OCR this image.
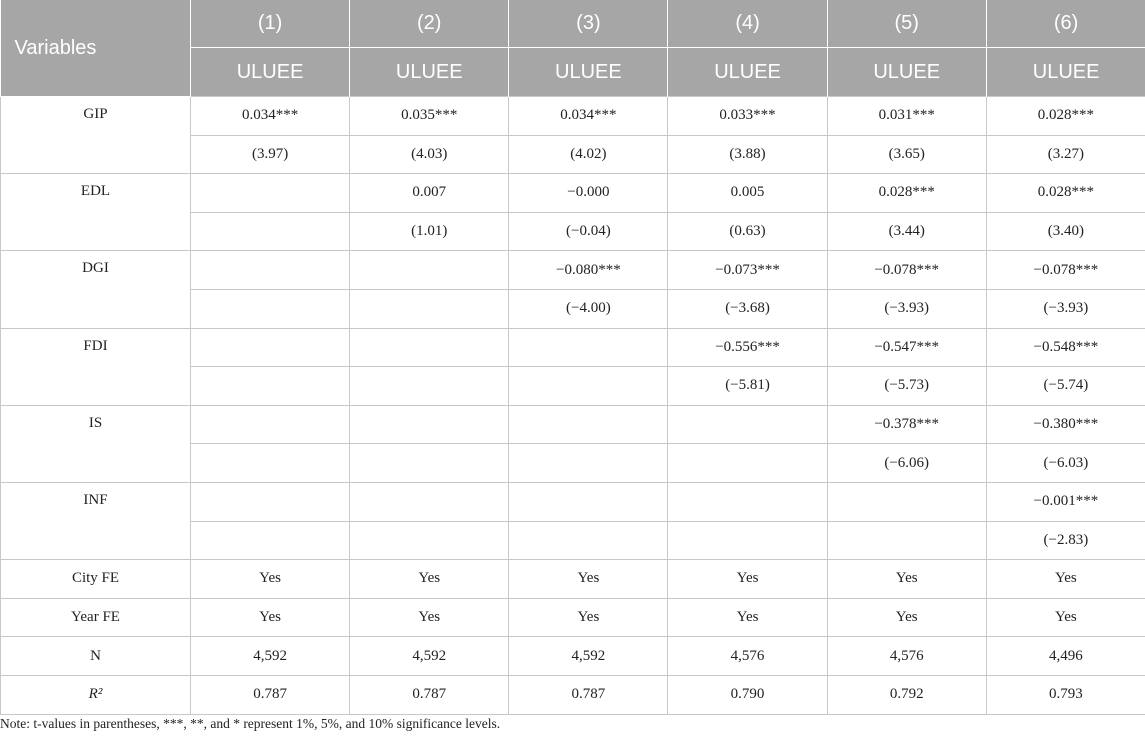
Variables	(1)	(2)	(3)	(4)	(5)	(6)
	ULUEE	ULUEE	ULUEE	ULUEE	ULUEE	ULUEE
GIP	0.034***	0.035***	0.034***	0.033***	0.031***	0.028***
	(3.97)	(4.03)	(4.02)	(3.88)	(3.65)	(3.27)
EDL		0.007	−0.000	0.005	0.028***	0.028***
		(1.01)	(−0.04)	(0.63)	(3.44)	(3.40)
DGI			−0.080***	−0.073***	−0.078***	−0.078***
			(−4.00)	(−3.68)	(−3.93)	(−3.93)
FDI				−0.556***	−0.547***	−0.548***
				(−5.81)	(−5.73)	(−5.74)
IS					−0.378***	−0.380***
					(−6.06)	(−6.03)
INF						−0.001***
						(−2.83)
City FE	Yes	Yes	Yes	Yes	Yes	Yes
Year FE	Yes	Yes	Yes	Yes	Yes	Yes
N	4,592	4,592	4,592	4,576	4,576	4,496
R²	0.787	0.787	0.787	0.790	0.792	0.793
Note: t-values in parentheses, ***, **, and * represent 1%, 5%, and 10% significance levels.
